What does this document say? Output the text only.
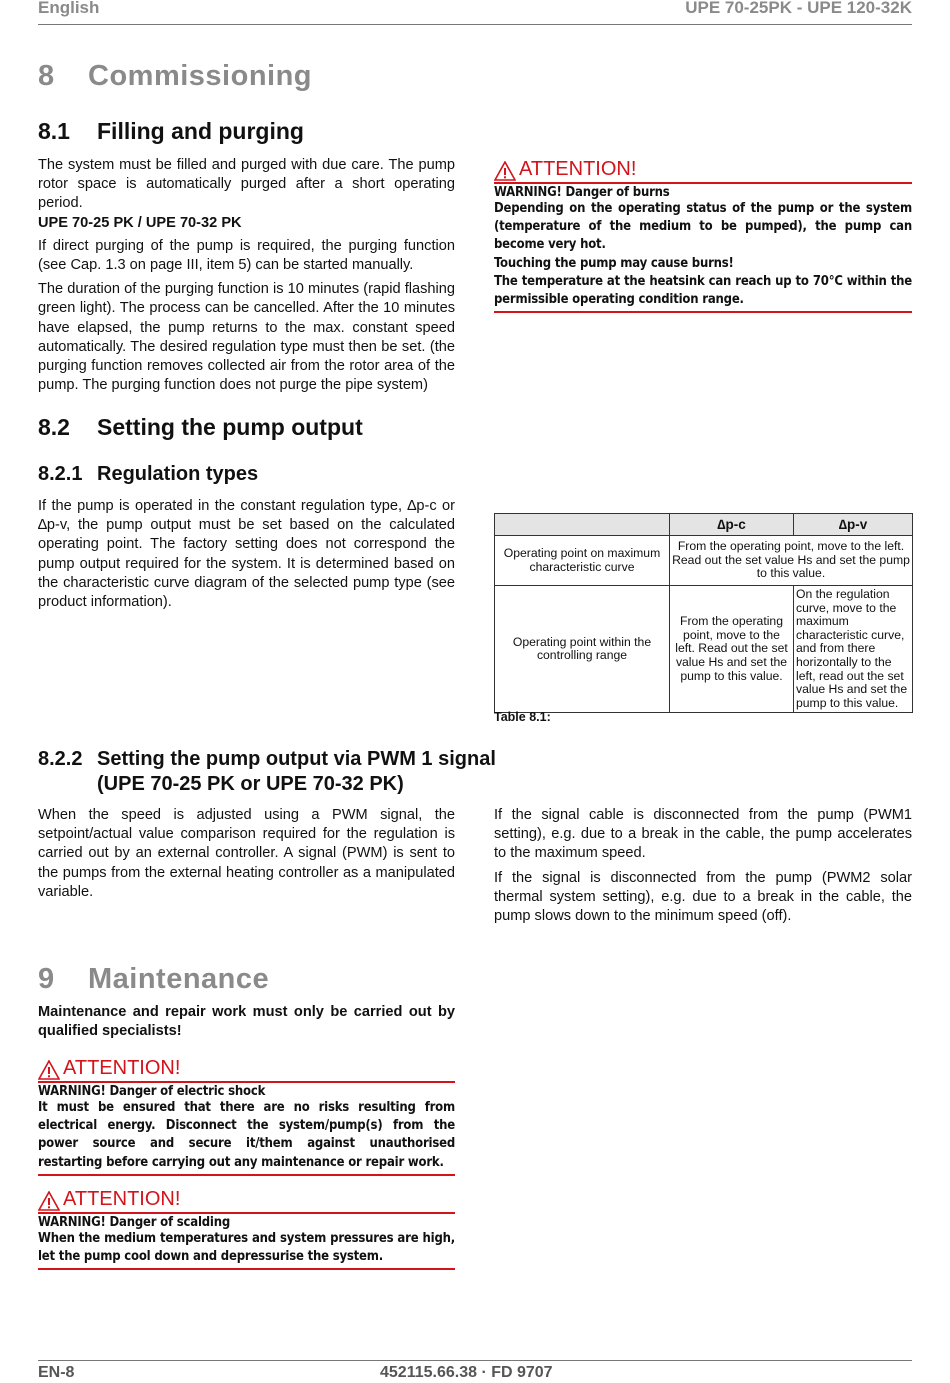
English	UPE 70-25PK - UPE 120-32K
8 Commissioning
8.1 Filling and purging
The system must be filled and purged with due care. The pump rotor space is automatically purged after a short operating period.
UPE 70-25 PK / UPE 70-32 PK
If direct purging of the pump is required, the purging function (see Cap. 1.3 on page III, item 5) can be started manually.
The duration of the purging function is 10 minutes (rapid flashing green light). The process can be cancelled. After the 10 minutes have elapsed, the pump returns to the max. constant speed automatically. The desired regulation type must then be set. (the purging function removes collected air from the rotor area of the pump. The purging function does not purge the pipe system)
ATTENTION!
WARNING! Danger of burns
Depending on the operating status of the pump or the system (temperature of the medium to be pumped), the pump can become very hot.
Touching the pump may cause burns!
The temperature at the heatsink can reach up to 70°C within the permissible operating condition range.
8.2 Setting the pump output
8.2.1 Regulation types
If the pump is operated in the constant regulation type, ∆p-c or ∆p-v, the pump output must be set based on the calculated operating point. The factory setting does not correspond the pump output required for the system. It is determined based on the characteristic curve diagram of the selected pump type (see product information).
	∆p-c	∆p-v
Operating point on maximum characteristic curve	From the operating point, move to the left. Read out the set value Hs and set the pump to this value.	
Operating point within the controlling range	From the operating point, move to the left. Read out the set value Hs and set the pump to this value.	On the regulation curve, move to the maximum characteristic curve, and from there horizontally to the left, read out the set value Hs and set the pump to this value.
Table 8.1:
8.2.2 Setting the pump output via PWM 1 signal
(UPE 70-25 PK or UPE 70-32 PK)
When the speed is adjusted using a PWM signal, the setpoint/actual value comparison required for the regulation is carried out by an external controller. A signal (PWM) is sent to the pumps from the external heating controller as a manipulated variable.
If the signal cable is disconnected from the pump (PWM1 setting), e.g. due to a break in the cable, the pump accelerates to the maximum speed.
If the signal is disconnected from the pump (PWM2 solar thermal system setting), e.g. due to a break in the cable, the pump slows down to the minimum speed (off).
9 Maintenance
Maintenance and repair work must only be carried out by qualified specialists!
ATTENTION!
WARNING! Danger of electric shock
It must be ensured that there are no risks resulting from electrical energy. Disconnect the system/pump(s) from the power source and secure it/them against unauthorised restarting before carrying out any maintenance or repair work.
ATTENTION!
WARNING! Danger of scalding
When the medium temperatures and system pressures are high, let the pump cool down and depressurise the system.
EN-8	452115.66.38 · FD 9707
